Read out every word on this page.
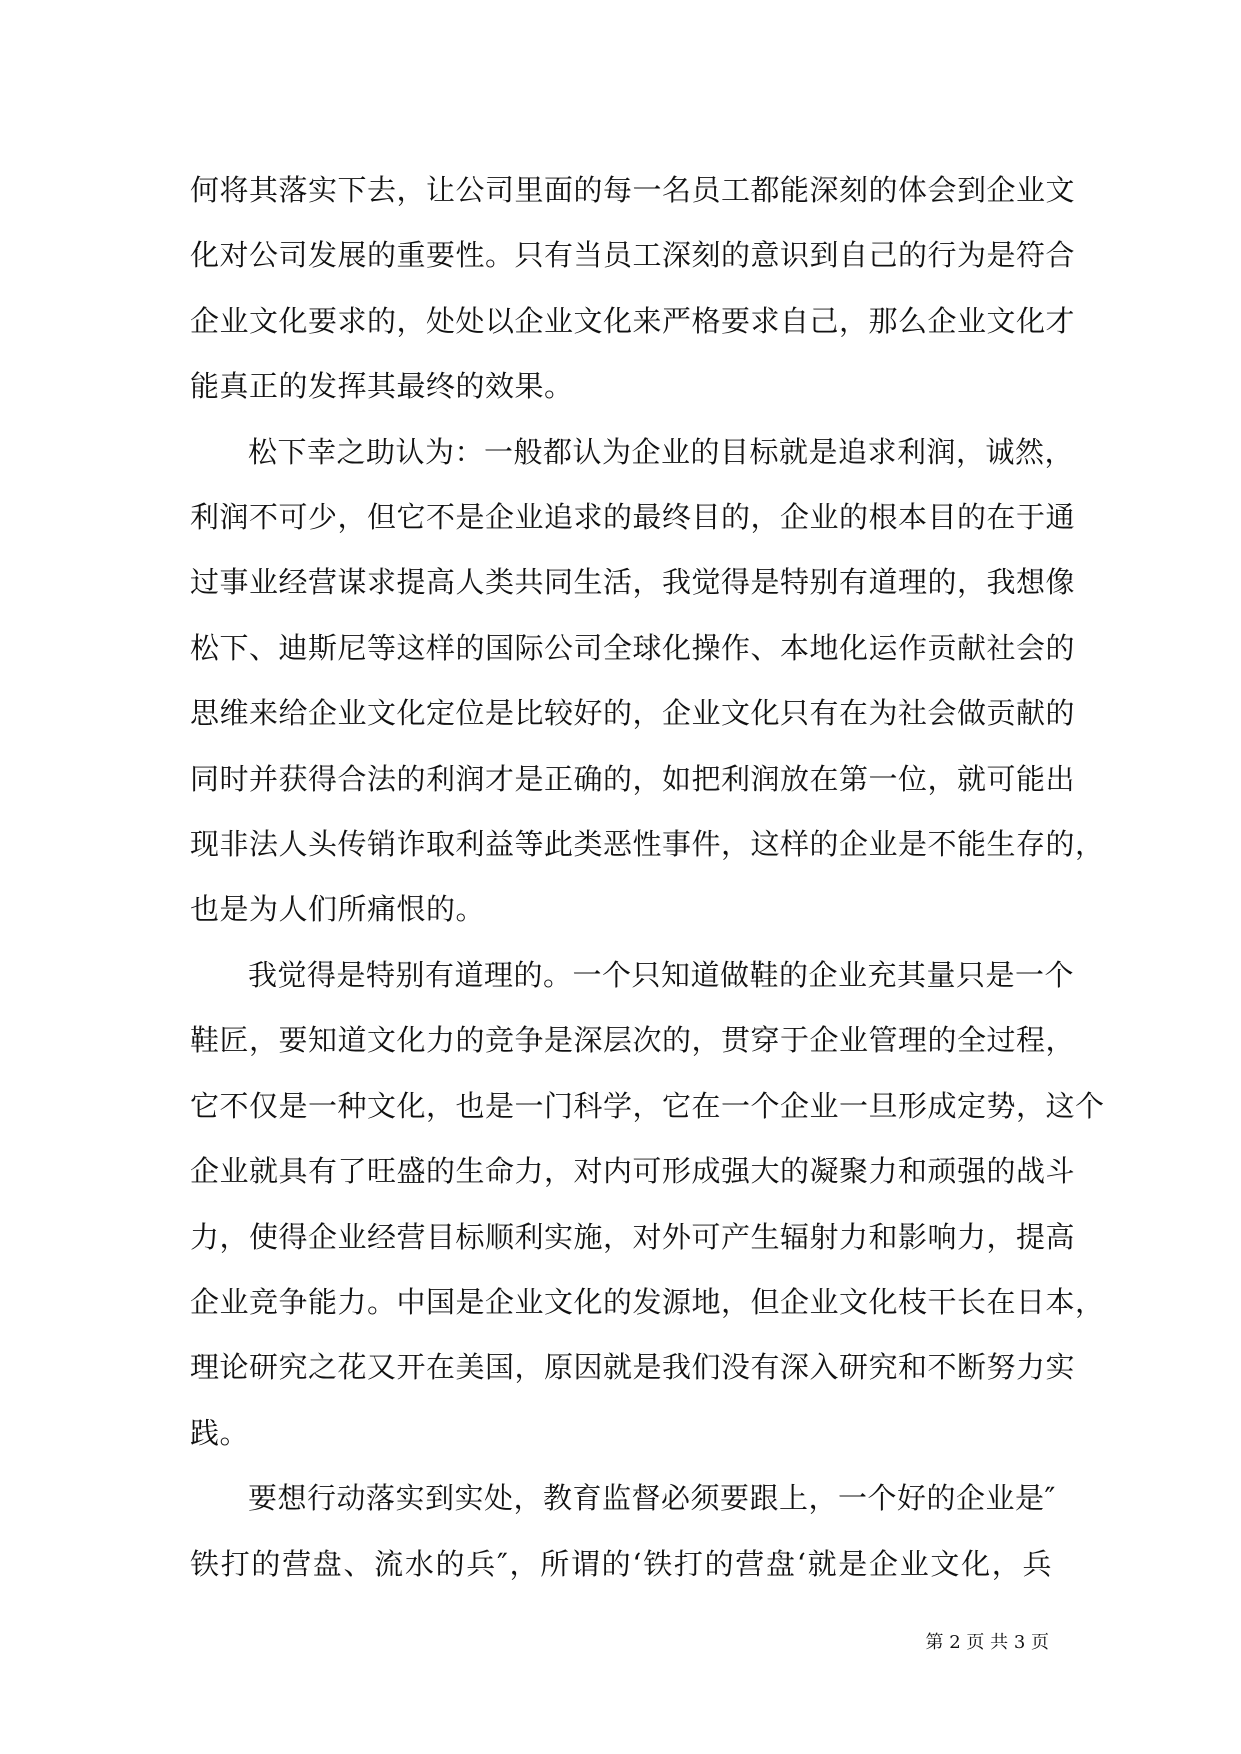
何将其落实下去，让公司里面的每一名员工都能深刻的体会到企业文
化对公司发展的重要性。只有当员工深刻的意识到自己的行为是符合
企业文化要求的，处处以企业文化来严格要求自己，那么企业文化才
能真正的发挥其最终的效果。

松下幸之助认为：一般都认为企业的目标就是追求利润，诚然，
利润不可少，但它不是企业追求的最终目的，企业的根本目的在于通
过事业经营谋求提高人类共同生活，我觉得是特别有道理的，我想像
松下、迪斯尼等这样的国际公司全球化操作、本地化运作贡献社会的
思维来给企业文化定位是比较好的，企业文化只有在为社会做贡献的
同时并获得合法的利润才是正确的，如把利润放在第一位，就可能出
现非法人头传销诈取利益等此类恶性事件，这样的企业是不能生存的，
也是为人们所痛恨的。

我觉得是特别有道理的。一个只知道做鞋的企业充其量只是一个
鞋匠，要知道文化力的竞争是深层次的，贯穿于企业管理的全过程，
它不仅是一种文化，也是一门科学，它在一个企业一旦形成定势，这个
企业就具有了旺盛的生命力，对内可形成强大的凝聚力和顽强的战斗
力，使得企业经营目标顺利实施，对外可产生辐射力和影响力，提高
企业竞争能力。中国是企业文化的发源地，但企业文化枝干长在日本，
理论研究之花又开在美国，原因就是我们没有深入研究和不断努力实
践。

要想行动落实到实处，教育监督必须要跟上，一个好的企业是″
铁打的营盘、流水的兵″，所谓的‘铁打的营盘‘就是企业文化，兵

第 2 页 共 3 页
